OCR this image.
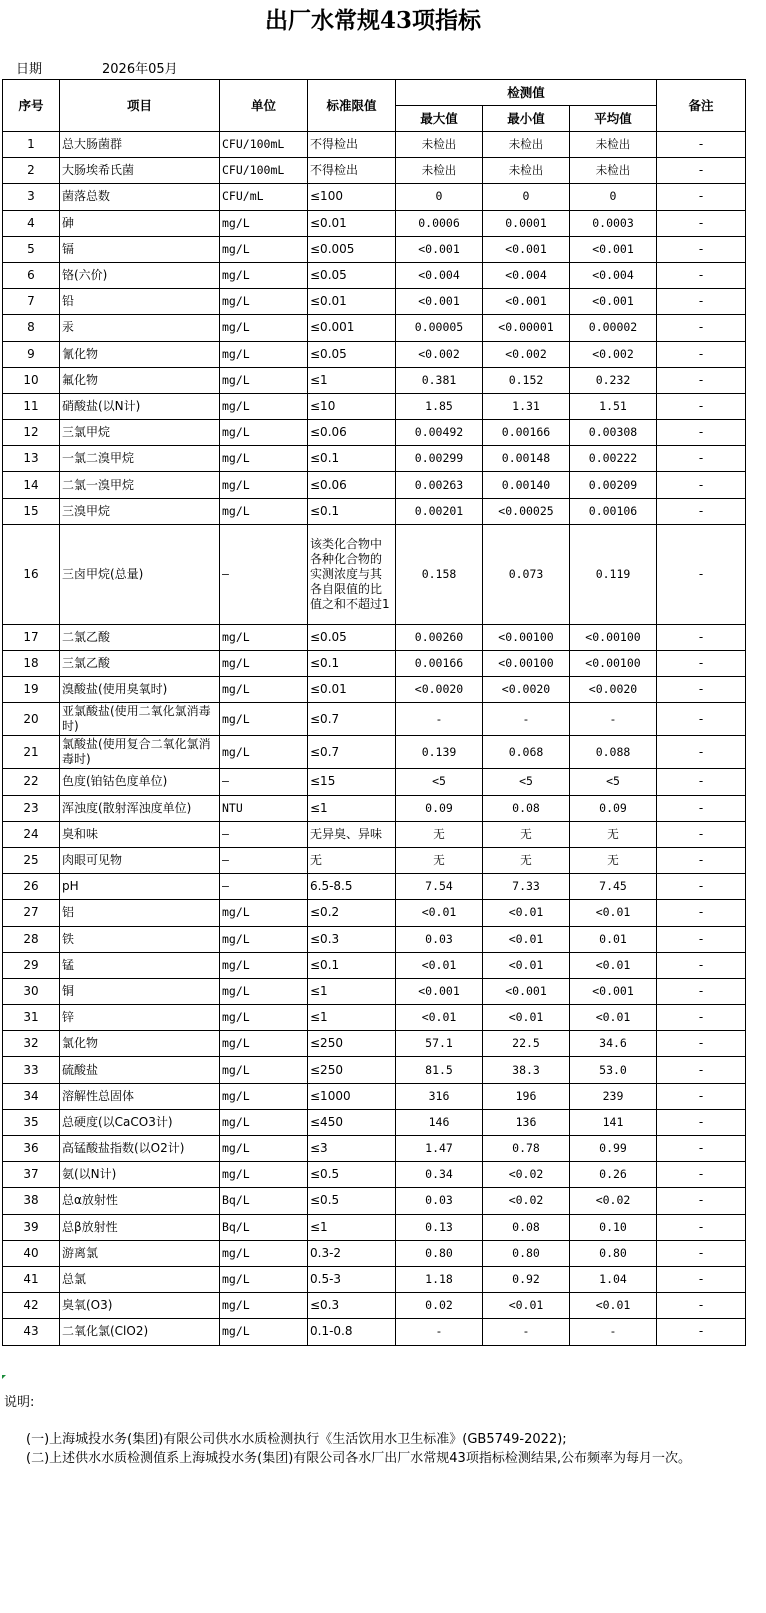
出厂水常规43项指标
日期	2026年05月
序号	项目	单位	标准限值	检测值			备注
				最大值	最小值	平均值	
1	总大肠菌群	CFU/100mL	不得检出	未检出	未检出	未检出	-
2	大肠埃希氏菌	CFU/100mL	不得检出	未检出	未检出	未检出	-
3	菌落总数	CFU/mL	≤100	0	0	0	-
4	砷	mg/L	≤0.01	0.0006	0.0001	0.0003	-
5	镉	mg/L	≤0.005	<0.001	<0.001	<0.001	-
6	铬(六价)	mg/L	≤0.05	<0.004	<0.004	<0.004	-
7	铅	mg/L	≤0.01	<0.001	<0.001	<0.001	-
8	汞	mg/L	≤0.001	0.00005	<0.00001	0.00002	-
9	氰化物	mg/L	≤0.05	<0.002	<0.002	<0.002	-
10	氟化物	mg/L	≤1	0.381	0.152	0.232	-
11	硝酸盐(以N计)	mg/L	≤10	1.85	1.31	1.51	-
12	三氯甲烷	mg/L	≤0.06	0.00492	0.00166	0.00308	-
13	一氯二溴甲烷	mg/L	≤0.1	0.00299	0.00148	0.00222	-
14	二氯一溴甲烷	mg/L	≤0.06	0.00263	0.00140	0.00209	-
15	三溴甲烷	mg/L	≤0.1	0.00201	<0.00025	0.00106	-
16	三卤甲烷(总量)	—	该类化合物中各种化合物的实测浓度与其各自限值的比值之和不超过1	0.158	0.073	0.119	-
17	二氯乙酸	mg/L	≤0.05	0.00260	<0.00100	<0.00100	-
18	三氯乙酸	mg/L	≤0.1	0.00166	<0.00100	<0.00100	-
19	溴酸盐(使用臭氧时)	mg/L	≤0.01	<0.0020	<0.0020	<0.0020	-
20	亚氯酸盐(使用二氧化氯消毒时)	mg/L	≤0.7	-	-	-	-
21	氯酸盐(使用复合二氧化氯消毒时)	mg/L	≤0.7	0.139	0.068	0.088	-
22	色度(铂钴色度单位)	—	≤15	<5	<5	<5	-
23	浑浊度(散射浑浊度单位)	NTU	≤1	0.09	0.08	0.09	-
24	臭和味	—	无异臭、异味	无	无	无	-
25	肉眼可见物	—	无	无	无	无	-
26	pH	—	6.5-8.5	7.54	7.33	7.45	-
27	铝	mg/L	≤0.2	<0.01	<0.01	<0.01	-
28	铁	mg/L	≤0.3	0.03	<0.01	0.01	-
29	锰	mg/L	≤0.1	<0.01	<0.01	<0.01	-
30	铜	mg/L	≤1	<0.001	<0.001	<0.001	-
31	锌	mg/L	≤1	<0.01	<0.01	<0.01	-
32	氯化物	mg/L	≤250	57.1	22.5	34.6	-
33	硫酸盐	mg/L	≤250	81.5	38.3	53.0	-
34	溶解性总固体	mg/L	≤1000	316	196	239	-
35	总硬度(以CaCO3计)	mg/L	≤450	146	136	141	-
36	高锰酸盐指数(以O2计)	mg/L	≤3	1.47	0.78	0.99	-
37	氨(以N计)	mg/L	≤0.5	0.34	<0.02	0.26	-
38	总α放射性	Bq/L	≤0.5	0.03	<0.02	<0.02	-
39	总β放射性	Bq/L	≤1	0.13	0.08	0.10	-
40	游离氯	mg/L	0.3-2	0.80	0.80	0.80	-
41	总氯	mg/L	0.5-3	1.18	0.92	1.04	-
42	臭氧(O3)	mg/L	≤0.3	0.02	<0.01	<0.01	-
43	二氧化氯(ClO2)	mg/L	0.1-0.8	-	-	-	-

说明:

(一)上海城投水务(集团)有限公司供水水质检测执行《生活饮用水卫生标准》(GB5749-2022);

(二)上述供水水质检测值系上海城投水务(集团)有限公司各水厂出厂水常规43项指标检测结果,公布频率为每月一次。
